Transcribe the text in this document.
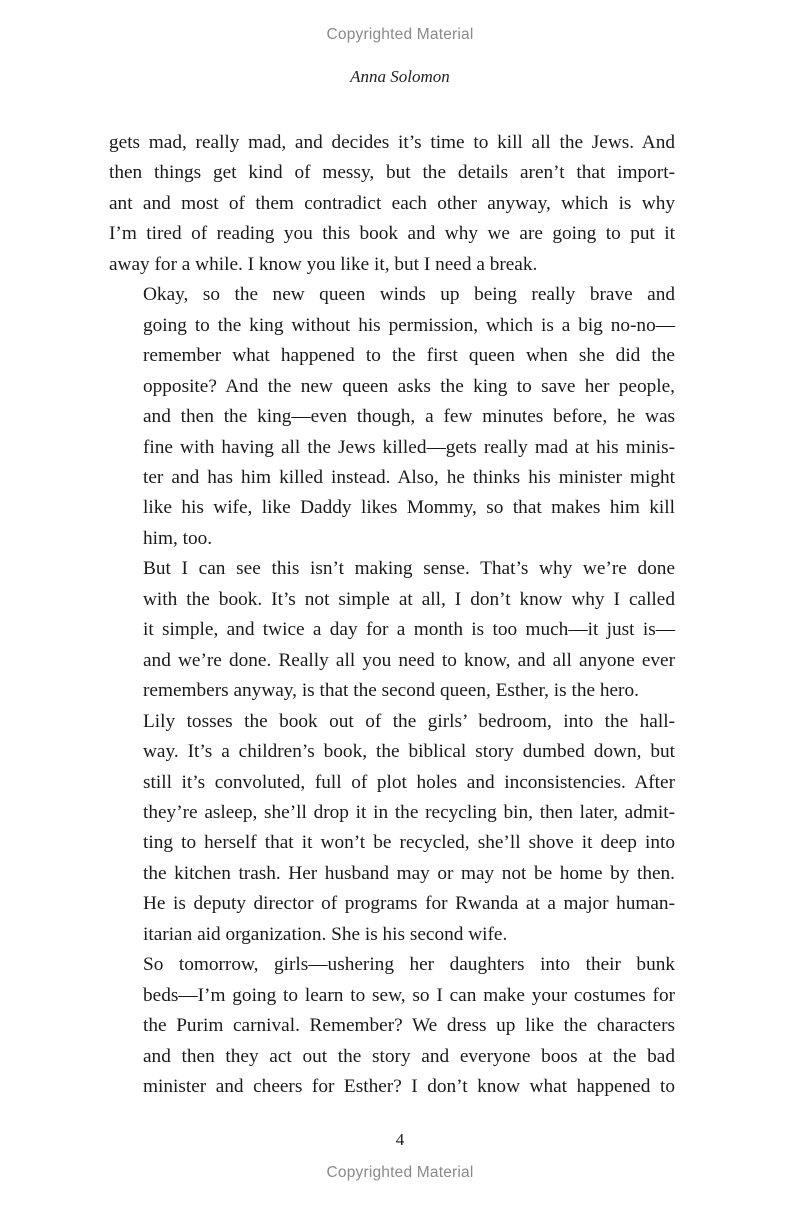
Copyrighted Material
Anna Solomon

gets mad, really mad, and decides it’s time to kill all the Jews. And
then things get kind of messy, but the details aren’t that import-
ant and most of them contradict each other anyway, which is why
I’m tired of reading you this book and why we are going to put it
away for a while. I know you like it, but I need a break.

Okay, so the new queen winds up being really brave and
going to the king without his permission, which is a big no-no—
remember what happened to the first queen when she did the
opposite? And the new queen asks the king to save her people,
and then the king—even though, a few minutes before, he was
fine with having all the Jews killed—gets really mad at his minis-
ter and has him killed instead. Also, he thinks his minister might
like his wife, like Daddy likes Mommy, so that makes him kill
him, too.

But I can see this isn’t making sense. That’s why we’re done
with the book. It’s not simple at all, I don’t know why I called
it simple, and twice a day for a month is too much—it just is—
and we’re done. Really all you need to know, and all anyone ever
remembers anyway, is that the second queen, Esther, is the hero.

Lily tosses the book out of the girls’ bedroom, into the hall-
way. It’s a children’s book, the biblical story dumbed down, but
still it’s convoluted, full of plot holes and inconsistencies. After
they’re asleep, she’ll drop it in the recycling bin, then later, admit-
ting to herself that it won’t be recycled, she’ll shove it deep into
the kitchen trash. Her husband may or may not be home by then.
He is deputy director of programs for Rwanda at a major human-
itarian aid organization. She is his second wife.

So tomorrow, girls—ushering her daughters into their bunk
beds—I’m going to learn to sew, so I can make your costumes for
the Purim carnival. Remember? We dress up like the characters
and then they act out the story and everyone boos at the bad
minister and cheers for Esther? I don’t know what happened to

4
Copyrighted Material
